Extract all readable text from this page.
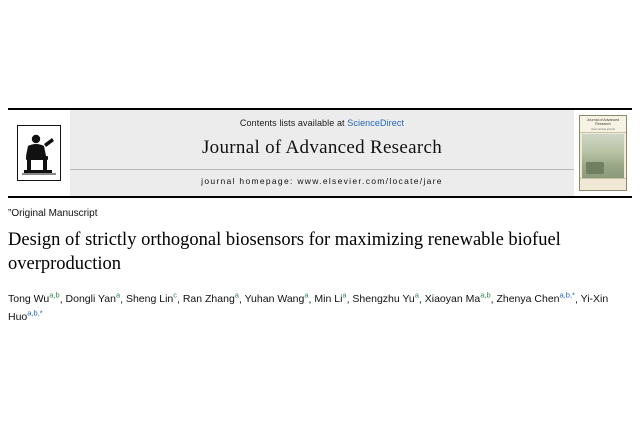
Contents lists available at ScienceDirect
Journal of Advanced Research
journal homepage: www.elsevier.com/locate/jare
Journal of Advanced Research
Open access journal
”Original Manuscript
Design of strictly orthogonal biosensors for maximizing renewable biofuel overproduction
Tong Wu$^{a,b}$, Dongli Yan$^a$, Sheng Lin$^c$, Ran Zhang$^a$, Yuhan Wang$^a$, Min Li$^a$, Shengzhu Yu$^a$, Xiaoyan Ma$^{a,b}$, Zhenya Chen$^{a,b,*}$, Yi-Xin Huo$^{a,b,*}$
